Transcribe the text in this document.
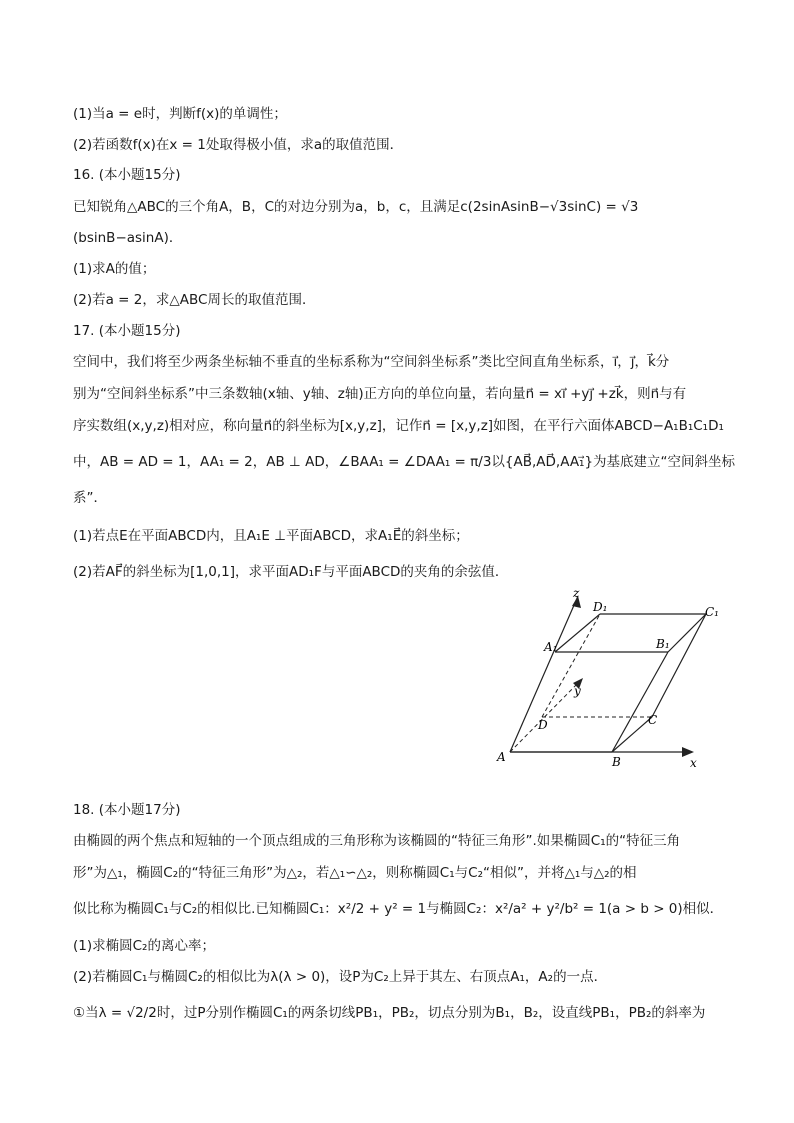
(1)当a = e时，判断f(x)的单调性；
(2)若函数f(x)在x = 1处取得极小值，求a的取值范围．
16. (本小题15分)
已知锐角△ABC的三个角A，B，C的对边分别为a，b，c，且满足c(2sinAsinB−√3sinC) = √3
(bsinB−asinA)．
(1)求A的值；
(2)若a = 2，求△ABC周长的取值范围．
17. (本小题15分)
空间中，我们将至少两条坐标轴不垂直的坐标系称为“空间斜坐标系”类比空间直角坐标系，i⃗，j⃗，k⃗分
别为“空间斜坐标系”中三条数轴(x轴、y轴、z轴)正方向的单位向量，若向量n⃗ = xi⃗ +yj⃗ +zk⃗，则n⃗与有
序实数组(x,y,z)相对应，称向量n⃗的斜坐标为[x,y,z]，记作n⃗ = [x,y,z]如图，在平行六面体ABCD−A₁B₁C₁D₁
中，AB = AD = 1，AA₁ = 2，AB ⊥ AD，∠BAA₁ = ∠DAA₁ = π/3以{AB⃗,AD⃗,AA₁⃗}为基底建立“空间斜坐标
系”．
(1)若点E在平面ABCD内，且A₁E ⊥平面ABCD，求A₁E⃗的斜坐标；
(2)若AF⃗的斜坐标为[1,0,1]，求平面AD₁F与平面ABCD的夹角的余弦值．
18. (本小题17分)
由椭圆的两个焦点和短轴的一个顶点组成的三角形称为该椭圆的“特征三角形”.如果椭圆C₁的“特征三角
形”为△₁，椭圆C₂的“特征三角形”为△₂，若△₁∽△₂，则称椭圆C₁与C₂“相似”，并将△₁与△₂的相
似比称为椭圆C₁与C₂的相似比.已知椭圆C₁：x²/2 + y² = 1与椭圆C₂：x²/a² + y²/b² = 1(a > b > 0)相似．
(1)求椭圆C₂的离心率；
(2)若椭圆C₁与椭圆C₂的相似比为λ(λ > 0)，设P为C₂上异于其左、右顶点A₁，A₂的一点．
①当λ = √2/2时，过P分别作椭圆C₁的两条切线PB₁，PB₂，切点分别为B₁，B₂，设直线PB₁，PB₂的斜率为
z
y
x
A	B
C
D
A₁	B₁
C₁
D₁
